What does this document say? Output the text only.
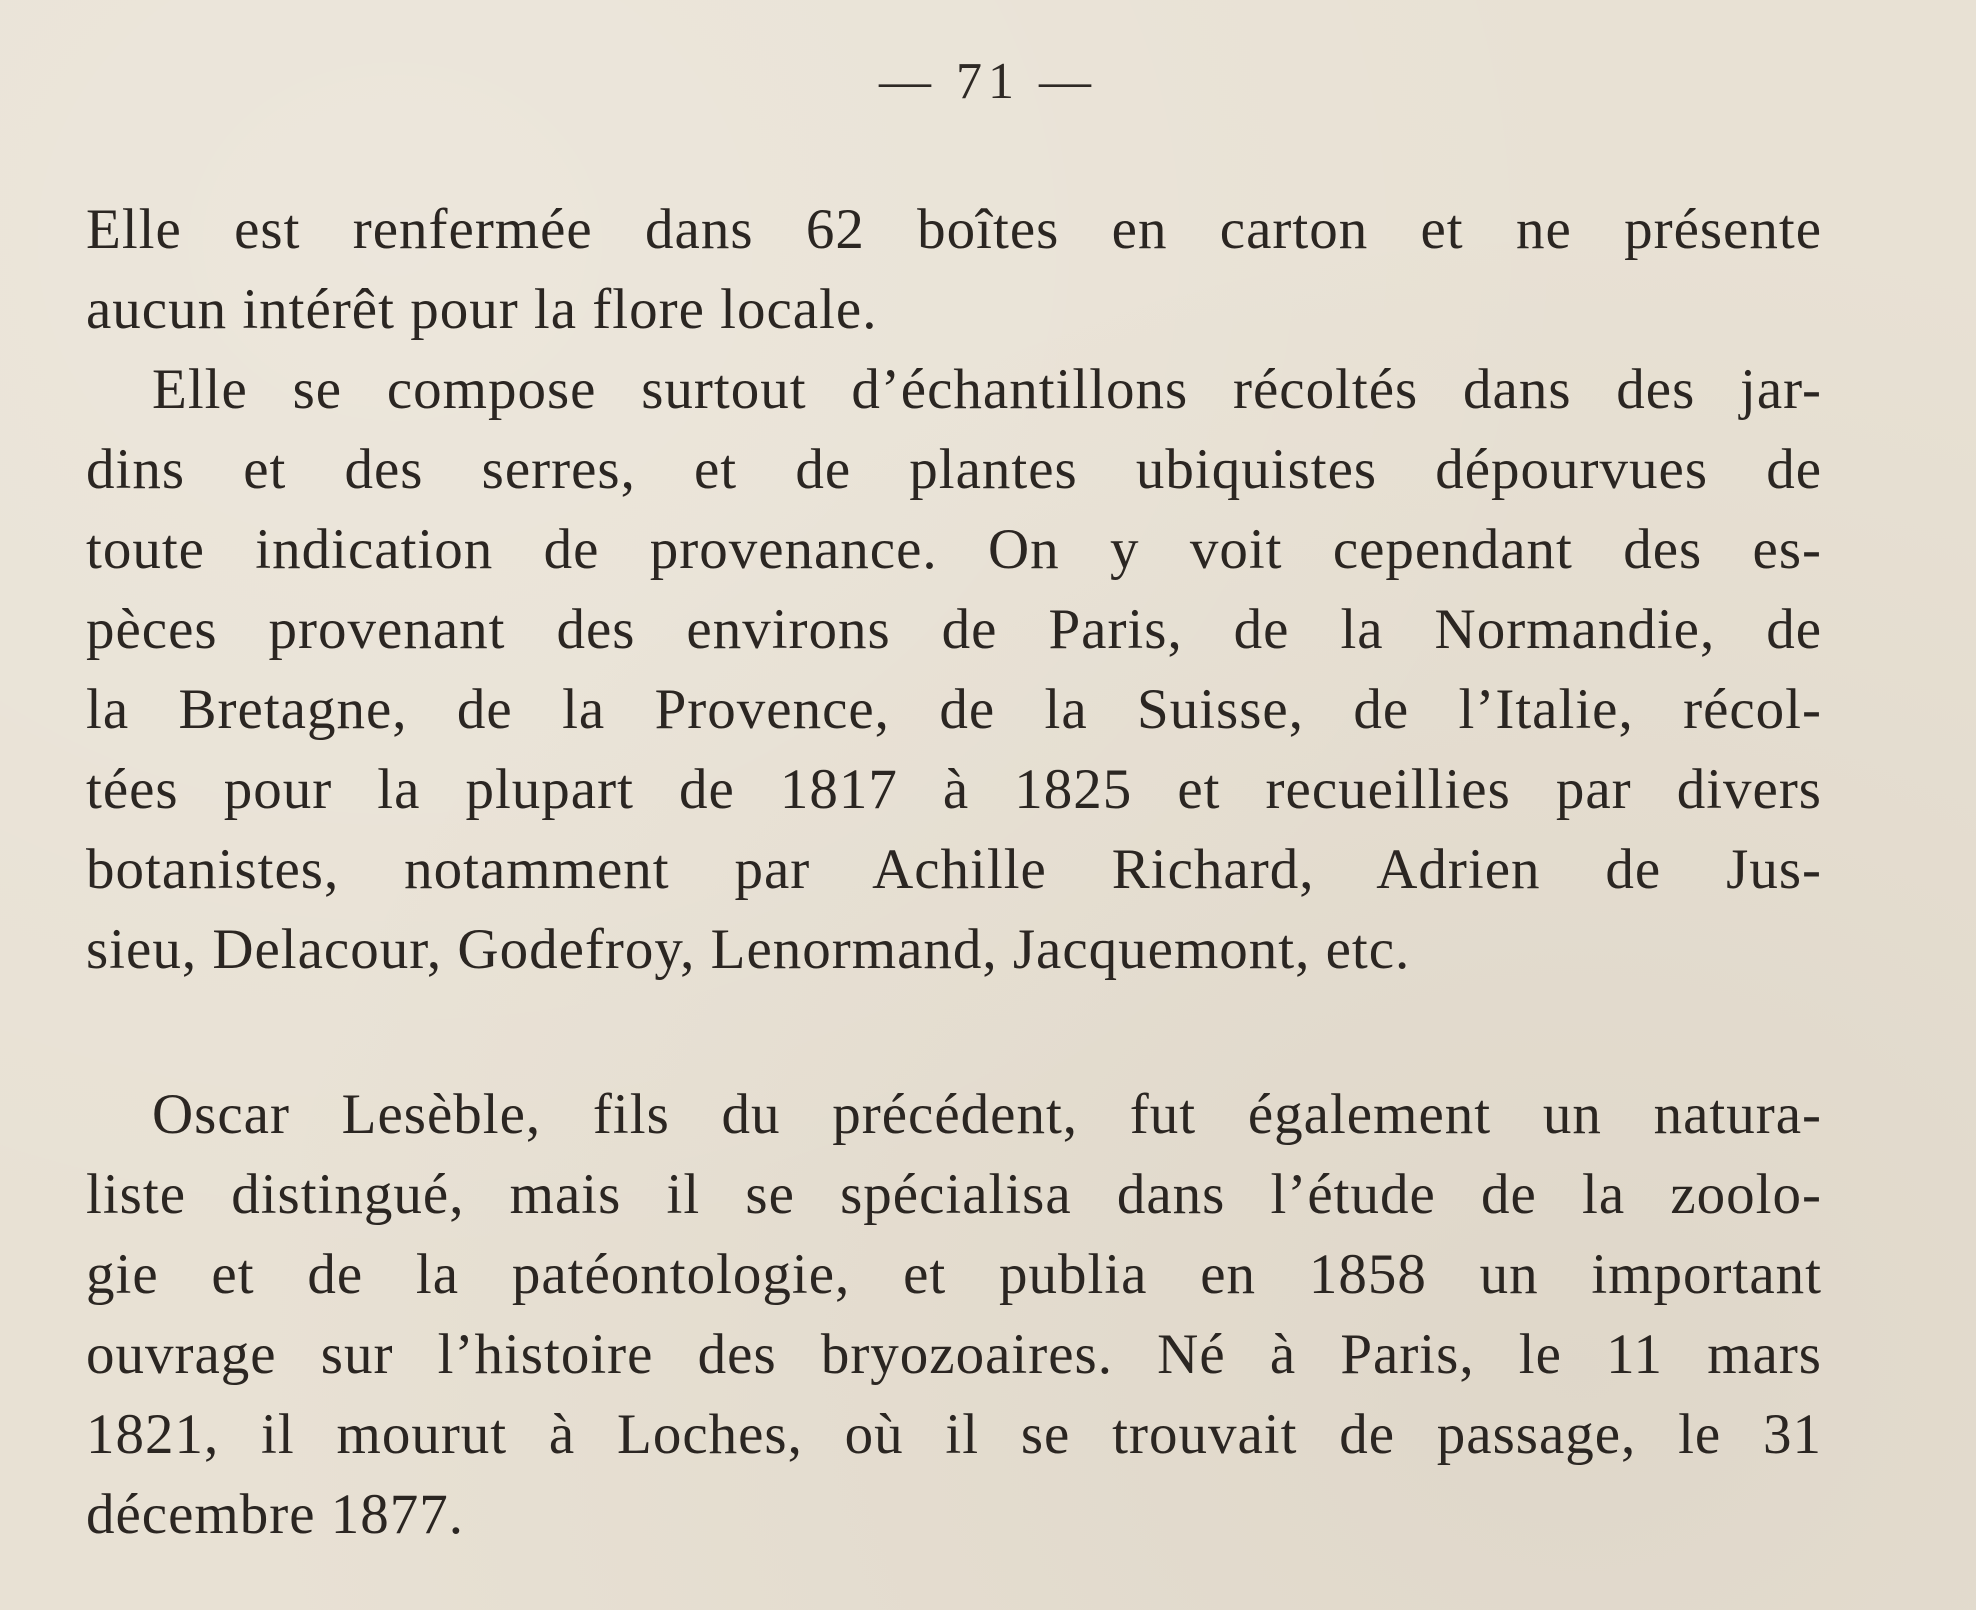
— 71 —
Elle est renfermée dans 62 boîtes en carton et ne présente
aucun intérêt pour la flore locale.
Elle se compose surtout d’échantillons récoltés dans des jar-
dins et des serres, et de plantes ubiquistes dépourvues de
toute indication de provenance. On y voit cependant des es-
pèces provenant des environs de Paris, de la Normandie, de
la Bretagne, de la Provence, de la Suisse, de l’Italie, récol-
tées pour la plupart de 1817 à 1825 et recueillies par divers
botanistes, notamment par Achille Richard, Adrien de Jus-
sieu, Delacour, Godefroy, Lenormand, Jacquemont, etc.
Oscar Lesèble, fils du précédent, fut également un natura-
liste distingué, mais il se spécialisa dans l’étude de la zoolo-
gie et de la patéontologie, et publia en 1858 un important
ouvrage sur l’histoire des bryozoaires. Né à Paris, le 11 mars
1821, il mourut à Loches, où il se trouvait de passage, le 31
décembre 1877.
